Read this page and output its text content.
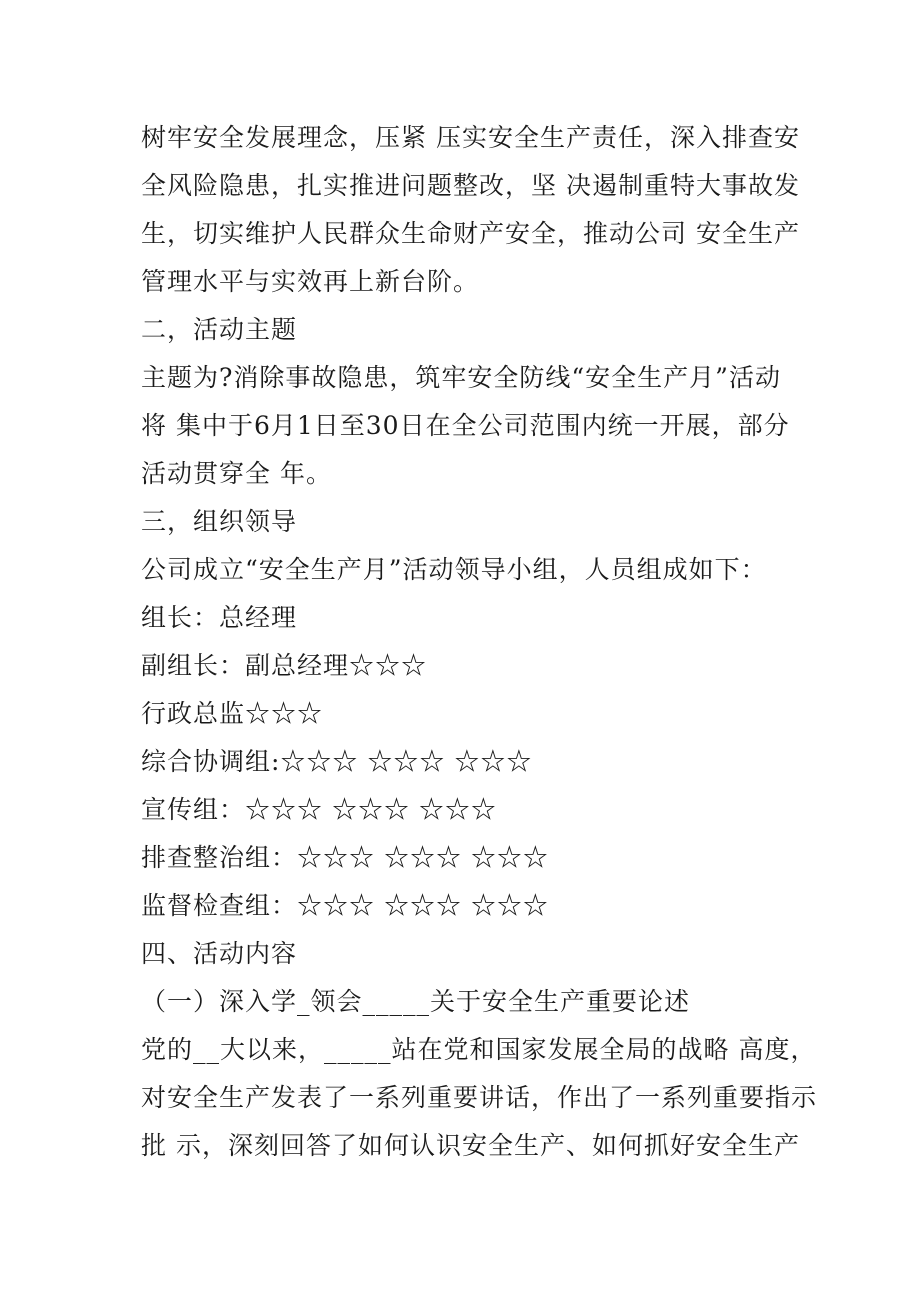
树牢安全发展理念，压紧 压实安全生产责任，深入排查安
全风险隐患，扎实推进问题整改，坚 决遏制重特大事故发
生，切实维护人民群众生命财产安全，推动公司 安全生产
管理水平与实效再上新台阶。
二，活动主题
主题为?消除事故隐患，筑牢安全防线“安全生产月”活动
将 集中于6月1日至30日在全公司范围内统一开展，部分
活动贯穿全 年。
三，组织领导
公司成立“安全生产月”活动领导小组，人员组成如下：
组长：总经理
副组长：副总经理☆☆☆
行政总监☆☆☆
综合协调组:☆☆☆ ☆☆☆ ☆☆☆
宣传组：☆☆☆ ☆☆☆ ☆☆☆
排查整治组：☆☆☆ ☆☆☆ ☆☆☆
监督检查组：☆☆☆ ☆☆☆ ☆☆☆
四、活动内容
（一）深入学_领会_____关于安全生产重要论述
党的__大以来，_____站在党和国家发展全局的战略 高度，
对安全生产发表了一系列重要讲话，作出了一系列重要指示
批 示，深刻回答了如何认识安全生产、如何抓好安全生产
